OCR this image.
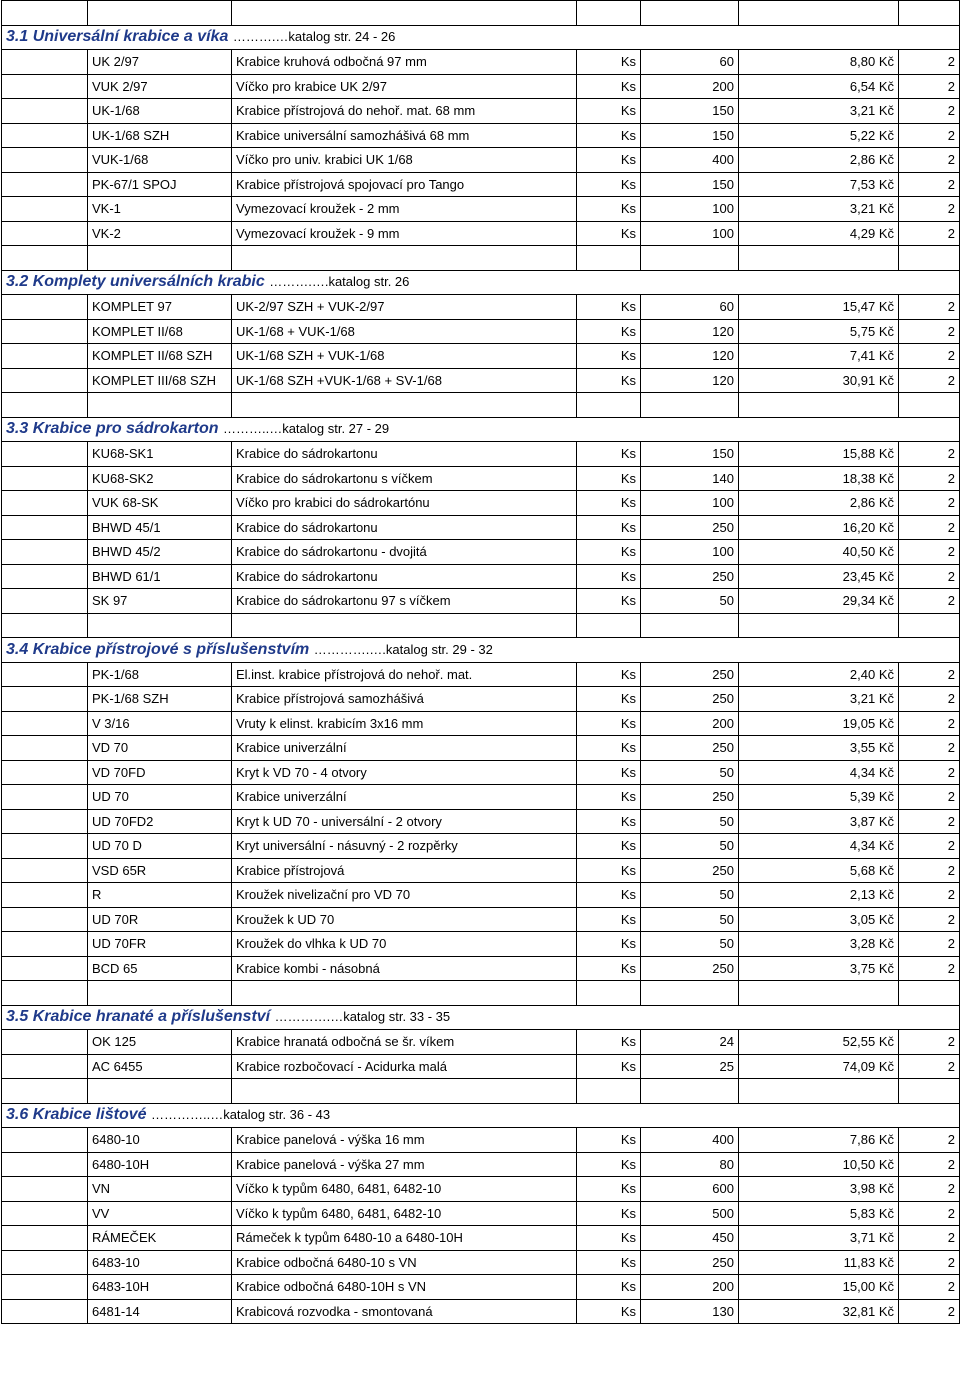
3.1 Universální krabice a víka ……….…katalog str. 24 - 26						
	UK 2/97	Krabice kruhová odbočná 97 mm	Ks	60	8,80 Kč	2
	VUK 2/97	Víčko pro krabice UK 2/97	Ks	200	6,54 Kč	2
	UK-1/68	Krabice přístrojová do nehoř. mat. 68 mm	Ks	150	3,21 Kč	2
	UK-1/68 SZH	Krabice universální samozhášivá 68 mm	Ks	150	5,22 Kč	2
	VUK-1/68	Víčko pro univ. krabici UK 1/68	Ks	400	2,86 Kč	2
	PK-67/1 SPOJ	Krabice přístrojová spojovací pro Tango	Ks	150	7,53 Kč	2
	VK-1	Vymezovací kroužek - 2 mm	Ks	100	3,21 Kč	2
	VK-2	Vymezovací kroužek - 9 mm	Ks	100	4,29 Kč	2

3.2 Komplety universálních krabic ……….….katalog str. 26						
	KOMPLET 97	UK-2/97 SZH + VUK-2/97	Ks	60	15,47 Kč	2
	KOMPLET II/68	UK-1/68 + VUK-1/68	Ks	120	5,75 Kč	2
	KOMPLET II/68 SZH	UK-1/68 SZH + VUK-1/68	Ks	120	7,41 Kč	2
	KOMPLET III/68 SZH	UK-1/68 SZH +VUK-1/68 + SV-1/68	Ks	120	30,91 Kč	2

3.3 Krabice pro sádrokarton ………..…katalog str. 27 - 29						
	KU68-SK1	Krabice do sádrokartonu	Ks	150	15,88 Kč	2
	KU68-SK2	Krabice do sádrokartonu s víčkem	Ks	140	18,38 Kč	2
	VUK 68-SK	Víčko pro krabici do sádrokartónu	Ks	100	2,86 Kč	2
	BHWD 45/1	Krabice do sádrokartonu	Ks	250	16,20 Kč	2
	BHWD 45/2	Krabice do sádrokartonu - dvojitá	Ks	100	40,50 Kč	2
	BHWD 61/1	Krabice do sádrokartonu	Ks	250	23,45 Kč	2
	SK 97	Krabice do sádrokartonu 97 s víčkem	Ks	50	29,34 Kč	2

3.4 Krabice přístrojové s příslušenstvím ………….….katalog str. 29 - 32						
	PK-1/68	El.inst. krabice přístrojová do nehoř. mat.	Ks	250	2,40 Kč	2
	PK-1/68 SZH	Krabice přístrojová samozhášivá	Ks	250	3,21 Kč	2
	V 3/16	Vruty k elinst. krabicím 3x16 mm	Ks	200	19,05 Kč	2
	VD 70	Krabice univerzální	Ks	250	3,55 Kč	2
	VD 70FD	Kryt k VD 70 - 4 otvory	Ks	50	4,34 Kč	2
	UD 70	Krabice univerzální	Ks	250	5,39 Kč	2
	UD 70FD2	Kryt k UD 70 - universální - 2 otvory	Ks	50	3,87 Kč	2
	UD 70 D	Kryt universální - násuvný - 2 rozpěrky	Ks	50	4,34 Kč	2
	VSD 65R	Krabice přístrojová	Ks	250	5,68 Kč	2
	R	Kroužek nivelizační pro VD 70	Ks	50	2,13 Kč	2
	UD 70R	Kroužek k UD 70	Ks	50	3,05 Kč	2
	UD 70FR	Kroužek do vlhka k UD 70	Ks	50	3,28 Kč	2
	BCD 65	Krabice kombi - násobná	Ks	250	3,75 Kč	2

3.5 Krabice hranaté a příslušenství ………….…katalog str. 33 - 35						
	OK 125	Krabice hranatá odbočná se šr. víkem	Ks	24	52,55 Kč	2
	AC 6455	Krabice rozbočovací - Acidurka malá	Ks	25	74,09 Kč	2

3.6 Krabice lištové …………..…katalog str. 36 - 43						
	6480-10	Krabice panelová - výška 16 mm	Ks	400	7,86 Kč	2
	6480-10H	Krabice panelová - výška 27 mm	Ks	80	10,50 Kč	2
	VN	Víčko k typům 6480, 6481, 6482-10	Ks	600	3,98 Kč	2
	VV	Víčko k typům 6480, 6481, 6482-10	Ks	500	5,83 Kč	2
	RÁMEČEK	Rámeček k typům 6480-10 a 6480-10H	Ks	450	3,71 Kč	2
	6483-10	Krabice odbočná 6480-10 s VN	Ks	250	11,83 Kč	2
	6483-10H	Krabice odbočná 6480-10H s VN	Ks	200	15,00 Kč	2
	6481-14	Krabicová rozvodka - smontovaná	Ks	130	32,81 Kč	2
